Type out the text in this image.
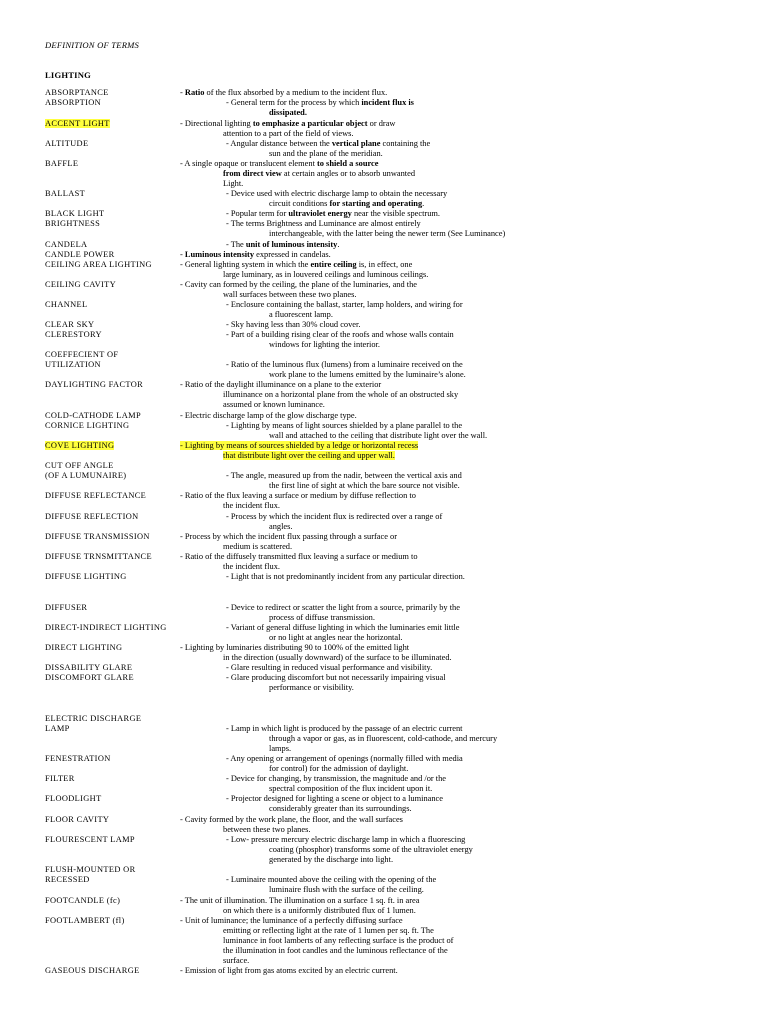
DEFINITION OF TERMS
LIGHTING
ABSORPTANCE	- Ratio of the flux absorbed by a medium to the incident flux.
ABSORPTION	- General term for the process by which incident flux is
dissipated.
ACCENT LIGHT	- Directional lighting to emphasize a particular object or draw
attention to a part of the field of views.
ALTITUDE	- Angular distance between the vertical plane containing the
sun and the plane of the meridian.
BAFFLE	- A single opaque or translucent element to shield a source
from direct view at certain angles or to absorb unwanted
Light.
BALLAST	- Device used with electric discharge lamp to obtain the necessary
circuit conditions for starting and operating.
BLACK LIGHT	- Popular term for ultraviolet energy near the visible spectrum.
BRIGHTNESS	- The terms Brightness and Luminance are almost entirely
interchangeable, with the latter being the newer term (See Luminance)
CANDELA	- The unit of luminous intensity.
CANDLE POWER	- Luminous intensity expressed in candelas.
CEILING AREA LIGHTING	- General lighting system in which the entire ceiling is, in effect, one
large luminary, as in louvered ceilings and luminous ceilings.
CEILING CAVITY	- Cavity can formed by the ceiling, the plane of the luminaries, and the
wall surfaces between these two planes.
CHANNEL	- Enclosure containing the ballast, starter, lamp holders, and wiring for
a fluorescent lamp.
CLEAR SKY	- Sky having less than 30% cloud cover.
CLERESTORY	- Part of a building rising clear of the roofs and whose walls contain
windows for lighting the interior.
COEFFECIENT OF
UTILIZATION	- Ratio of the luminous flux (lumens) from a luminaire received on the
work plane to the lumens emitted by the luminaire’s alone.
DAYLIGHTING FACTOR	- Ratio of the daylight illuminance on a plane to the exterior
illuminance on a horizontal plane from the whole of an obstructed sky
assumed or known luminance.
COLD-CATHODE LAMP	- Electric discharge lamp of the glow discharge type.
CORNICE LIGHTING	- Lighting by means of light sources shielded by a plane parallel to the
wall and attached to the ceiling that distribute light over the wall.
COVE LIGHTING	- Lighting by means of sources shielded by a ledge or horizontal recess
that distribute light over the ceiling and upper wall.
CUT OFF ANGLE
(OF A LUMUNAIRE)	- The angle, measured up from the nadir, between the vertical axis and
the first line of sight at which the bare source not visible.
DIFFUSE REFLECTANCE	- Ratio of the flux leaving a surface or medium by diffuse reflection to
the incident flux.
DIFFUSE REFLECTION	- Process by which the incident flux is redirected over a range of
angles.
DIFFUSE TRANSMISSION	- Process by which the incident flux passing through a surface or
medium is scattered.
DIFFUSE TRNSMITTANCE	- Ratio of the diffusely transmitted flux leaving a surface or medium to
the incident flux.
DIFFUSE LIGHTING	- Light that is not predominantly incident from any particular direction.
DIFFUSER	- Device to redirect or scatter the light from a source, primarily by the
process of diffuse transmission.
DIRECT-INDIRECT LIGHTING	- Variant of general diffuse lighting in which the luminaries emit little
or no light at angles near the horizontal.
DIRECT LIGHTING	- Lighting by luminaries distributing 90 to 100% of the emitted light
in the direction (usually downward) of the surface to be illuminated.
DISSABILITY GLARE	- Glare resulting in reduced visual performance and visibility.
DISCOMFORT GLARE	- Glare producing discomfort but not necessarily impairing visual
performance or visibility.
ELECTRIC DISCHARGE
LAMP	- Lamp in which light is produced by the passage of an electric current
through a vapor or gas, as in fluorescent, cold-cathode, and mercury
lamps.
FENESTRATION	- Any opening or arrangement of openings (normally filled with media
for control) for the admission of daylight.
FILTER	- Device for changing, by transmission, the magnitude and /or the
spectral composition of the flux incident upon it.
FLOODLIGHT	- Projector designed for lighting a scene or object to a luminance
considerably greater than its surroundings.
FLOOR CAVITY	- Cavity formed by the work plane, the floor, and the wall surfaces
between these two planes.
FLOURESCENT LAMP	- Low- pressure mercury electric discharge lamp in which a fluorescing
coating (phosphor) transforms some of the ultraviolet energy
generated by the discharge into light.
FLUSH-MOUNTED OR
RECESSED	- Luminaire mounted above the ceiling with the opening of the
luminaire flush with the surface of the ceiling.
FOOTCANDLE (fc)	- The unit of illumination. The illumination on a surface 1 sq. ft. in area
on which there is a uniformly distributed flux of 1 lumen.
FOOTLAMBERT (fl)	- Unit of luminance; the luminance of a perfectly diffusing surface
emitting or reflecting light at the rate of 1 lumen per sq. ft. The
luminance in foot lamberts of any reflecting surface is the product of
the illumination in foot candles and the luminous reflectance of the
surface.
GASEOUS DISCHARGE	- Emission of light from gas atoms excited by an electric current.
